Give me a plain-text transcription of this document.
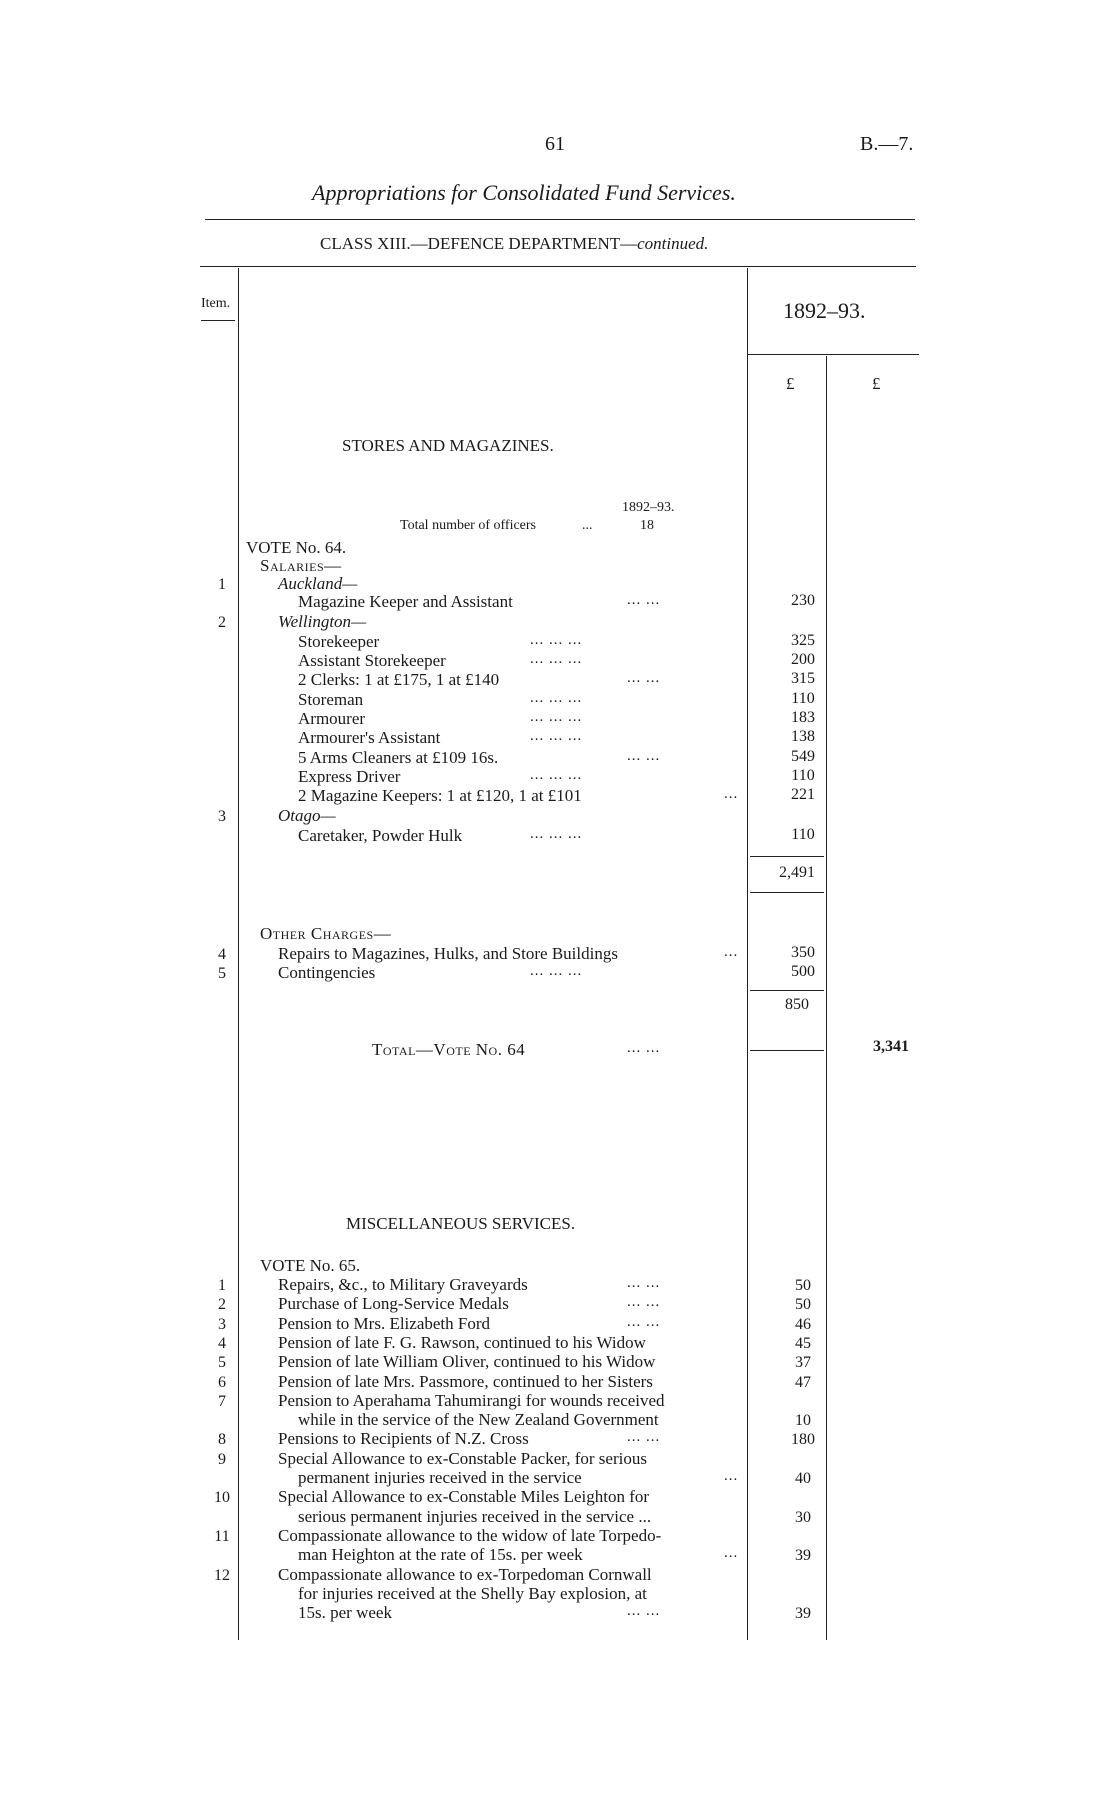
61	B.—7.
Appropriations for Consolidated Fund Services.
CLASS XIII.—DEFENCE DEPARTMENT—continued.
Item.	1892–93.
£	£
STORES AND MAGAZINES.
1892–93.
Total number of officers	...	18
VOTE No. 64.
Salaries—
1	Auckland—
Magazine Keeper and Assistant	... ...	230
2	Wellington—
Storekeeper	... ... ...	325
Assistant Storekeeper	... ... ...	200
2 Clerks: 1 at £175, 1 at £140	... ...	315
Storeman	... ... ...	110
Armourer	... ... ...	183
Armourer's Assistant	... ... ...	138
5 Arms Cleaners at £109 16s.	... ...	549
Express Driver	... ... ...	110
2 Magazine Keepers: 1 at £120, 1 at £101	...	221
3	Otago—
Caretaker, Powder Hulk	... ... ...	110
2,491
Other Charges—
4	Repairs to Magazines, Hulks, and Store Buildings	...	350
5	Contingencies	... ... ...	500
850
Total—Vote No. 64	... ...	3,341
MISCELLANEOUS SERVICES.
VOTE No. 65.
1	Repairs, &c., to Military Graveyards	... ...	50
2	Purchase of Long-Service Medals	... ...	50
3	Pension to Mrs. Elizabeth Ford	... ...	46
4	Pension of late F. G. Rawson, continued to his Widow	45
5	Pension of late William Oliver, continued to his Widow	37
6	Pension of late Mrs. Passmore, continued to her Sisters	47
7	Pension to Aperahama Tahumirangi for wounds received
while in the service of the New Zealand Government	10
8	Pensions to Recipients of N.Z. Cross	... ...	180
9	Special Allowance to ex-Constable Packer, for serious
permanent injuries received in the service	...	40
10	Special Allowance to ex-Constable Miles Leighton for
serious permanent injuries received in the service ...	30
11	Compassionate allowance to the widow of late Torpedo-
man Heighton at the rate of 15s. per week	...	39
12	Compassionate allowance to ex-Torpedoman Cornwall
for injuries received at the Shelly Bay explosion, at
15s. per week	... ...	39
